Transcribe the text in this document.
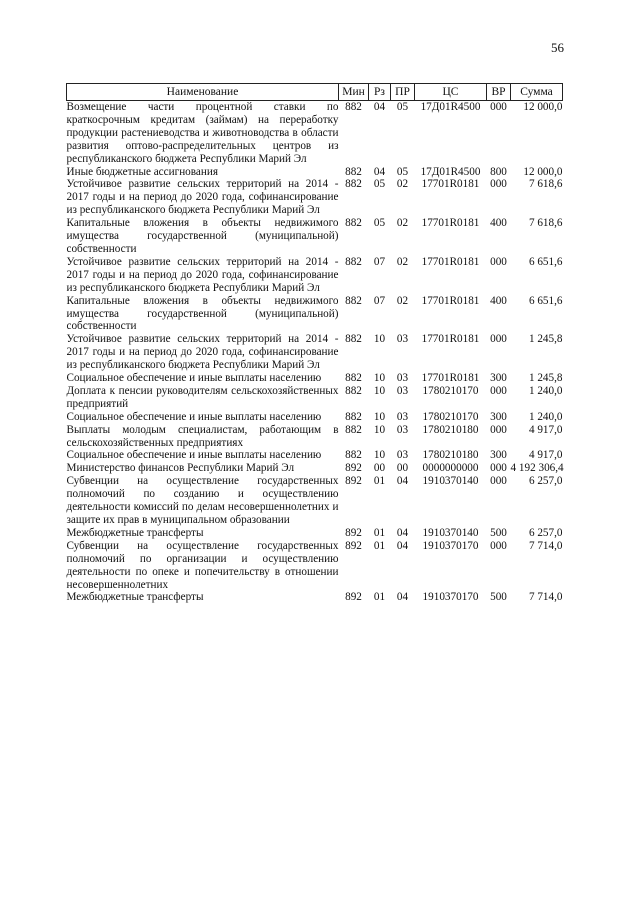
56
Наименование	Мин	Рз	ПР	ЦС	ВР	Сумма
Возмещение части процентной ставки по краткосрочным кредитам (займам) на переработку продукции растениеводства и животноводства в области развития оптово-распределительных центров из республиканского бюджета Республики Марий Эл	882	04	05	17Д01R4500	000	12 000,0
Иные бюджетные ассигнования	882	04	05	17Д01R4500	800	12 000,0
Устойчивое развитие сельских территорий на 2014 - 2017 годы и на период до 2020 года, софинансирование из республиканского бюджета Республики Марий Эл	882	05	02	17701R0181	000	7 618,6
Капитальные вложения в объекты недвижимого имущества государственной (муниципальной) собственности	882	05	02	17701R0181	400	7 618,6
Устойчивое развитие сельских территорий на 2014 - 2017 годы и на период до 2020 года, софинансирование из республиканского бюджета Республики Марий Эл	882	07	02	17701R0181	000	6 651,6
Капитальные вложения в объекты недвижимого имущества государственной (муниципальной) собственности	882	07	02	17701R0181	400	6 651,6
Устойчивое развитие сельских территорий на 2014 - 2017 годы и на период до 2020 года, софинансирование из республиканского бюджета Республики Марий Эл	882	10	03	17701R0181	000	1 245,8
Социальное обеспечение и иные выплаты населению	882	10	03	17701R0181	300	1 245,8
Доплата к пенсии руководителям сельскохозяйственных предприятий	882	10	03	1780210170	000	1 240,0
Социальное обеспечение и иные выплаты населению	882	10	03	1780210170	300	1 240,0
Выплаты молодым специалистам, работающим в сельскохозяйственных предприятиях	882	10	03	1780210180	000	4 917,0
Социальное обеспечение и иные выплаты населению	882	10	03	1780210180	300	4 917,0
Министерство финансов Республики Марий Эл	892	00	00	0000000000	000	4 192 306,4
Субвенции на осуществление государственных полномочий по созданию и осуществлению деятельности комиссий по делам несовершеннолетних и защите их прав в муниципальном образовании	892	01	04	1910370140	000	6 257,0
Межбюджетные трансферты	892	01	04	1910370140	500	6 257,0
Субвенции на осуществление государственных полномочий по организации и осуществлению деятельности по опеке и попечительству в отношении несовершеннолетних	892	01	04	1910370170	000	7 714,0
Межбюджетные трансферты	892	01	04	1910370170	500	7 714,0
